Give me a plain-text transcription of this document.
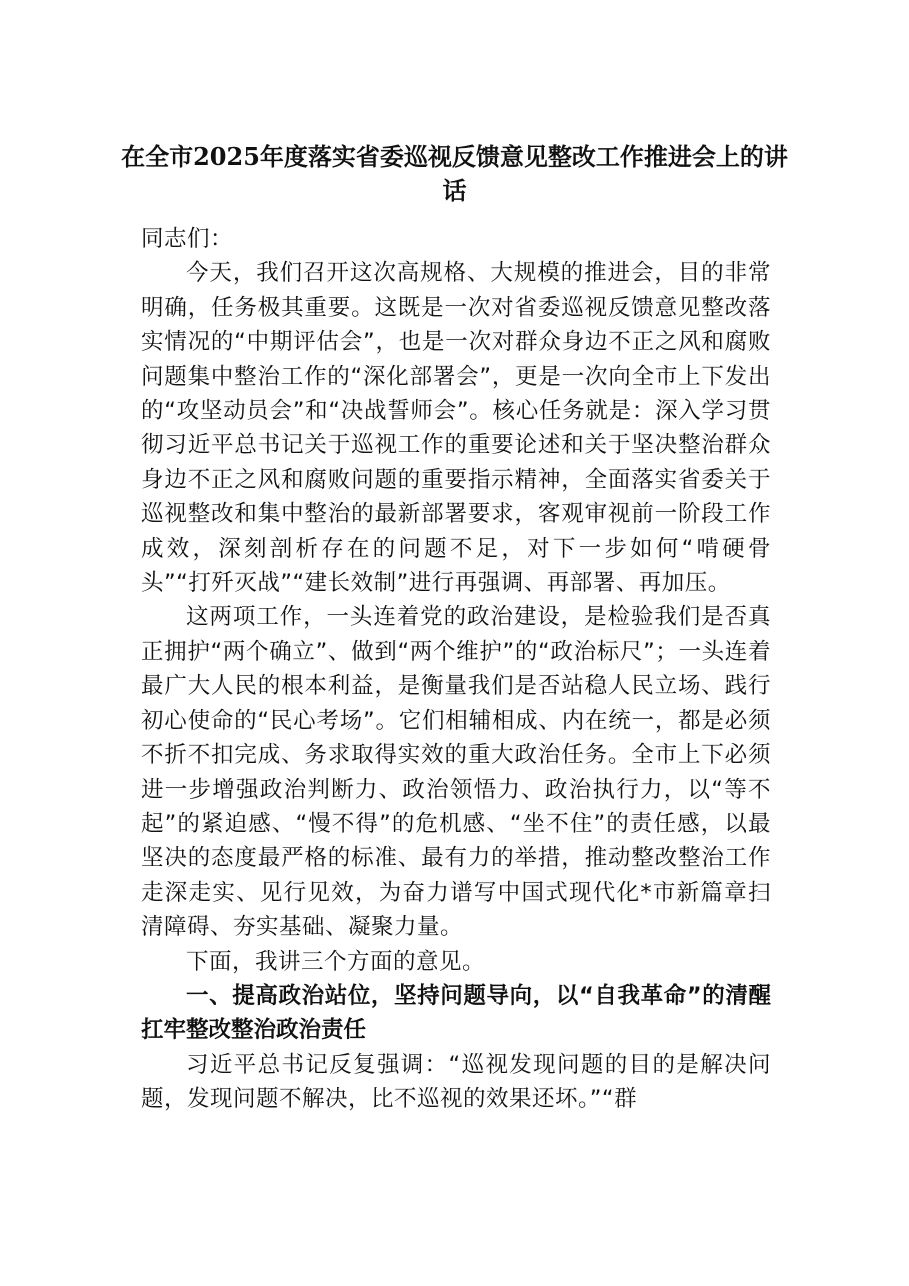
在全市2025年度落实省委巡视反馈意见整改工作推进会上的讲话

同志们：

今天，我们召开这次高规格、大规模的推进会，目的非常明确，任务极其重要。这既是一次对省委巡视反馈意见整改落实情况的“中期评估会”，也是一次对群众身边不正之风和腐败问题集中整治工作的“深化部署会”，更是一次向全市上下发出的“攻坚动员会”和“决战誓师会”。核心任务就是：深入学习贯彻习近平总书记关于巡视工作的重要论述和关于坚决整治群众身边不正之风和腐败问题的重要指示精神，全面落实省委关于巡视整改和集中整治的最新部署要求，客观审视前一阶段工作成效，深刻剖析存在的问题不足，对下一步如何“啃硬骨头”“打歼灭战”“建长效制”进行再强调、再部署、再加压。

这两项工作，一头连着党的政治建设，是检验我们是否真正拥护“两个确立”、做到“两个维护”的“政治标尺”；一头连着最广大人民的根本利益，是衡量我们是否站稳人民立场、践行初心使命的“民心考场”。它们相辅相成、内在统一，都是必须不折不扣完成、务求取得实效的重大政治任务。全市上下必须进一步增强政治判断力、政治领悟力、政治执行力，以“等不起”的紧迫感、“慢不得”的危机感、“坐不住”的责任感，以最坚决的态度最严格的标准、最有力的举措，推动整改整治工作走深走实、见行见效，为奋力谱写中国式现代化*市新篇章扫清障碍、夯实基础、凝聚力量。

下面，我讲三个方面的意见。

一、提高政治站位，坚持问题导向，以“自我革命”的清醒扛牢整改整治政治责任

习近平总书记反复强调：“巡视发现问题的目的是解决问题，发现问题不解决，比不巡视的效果还坏。”“群
